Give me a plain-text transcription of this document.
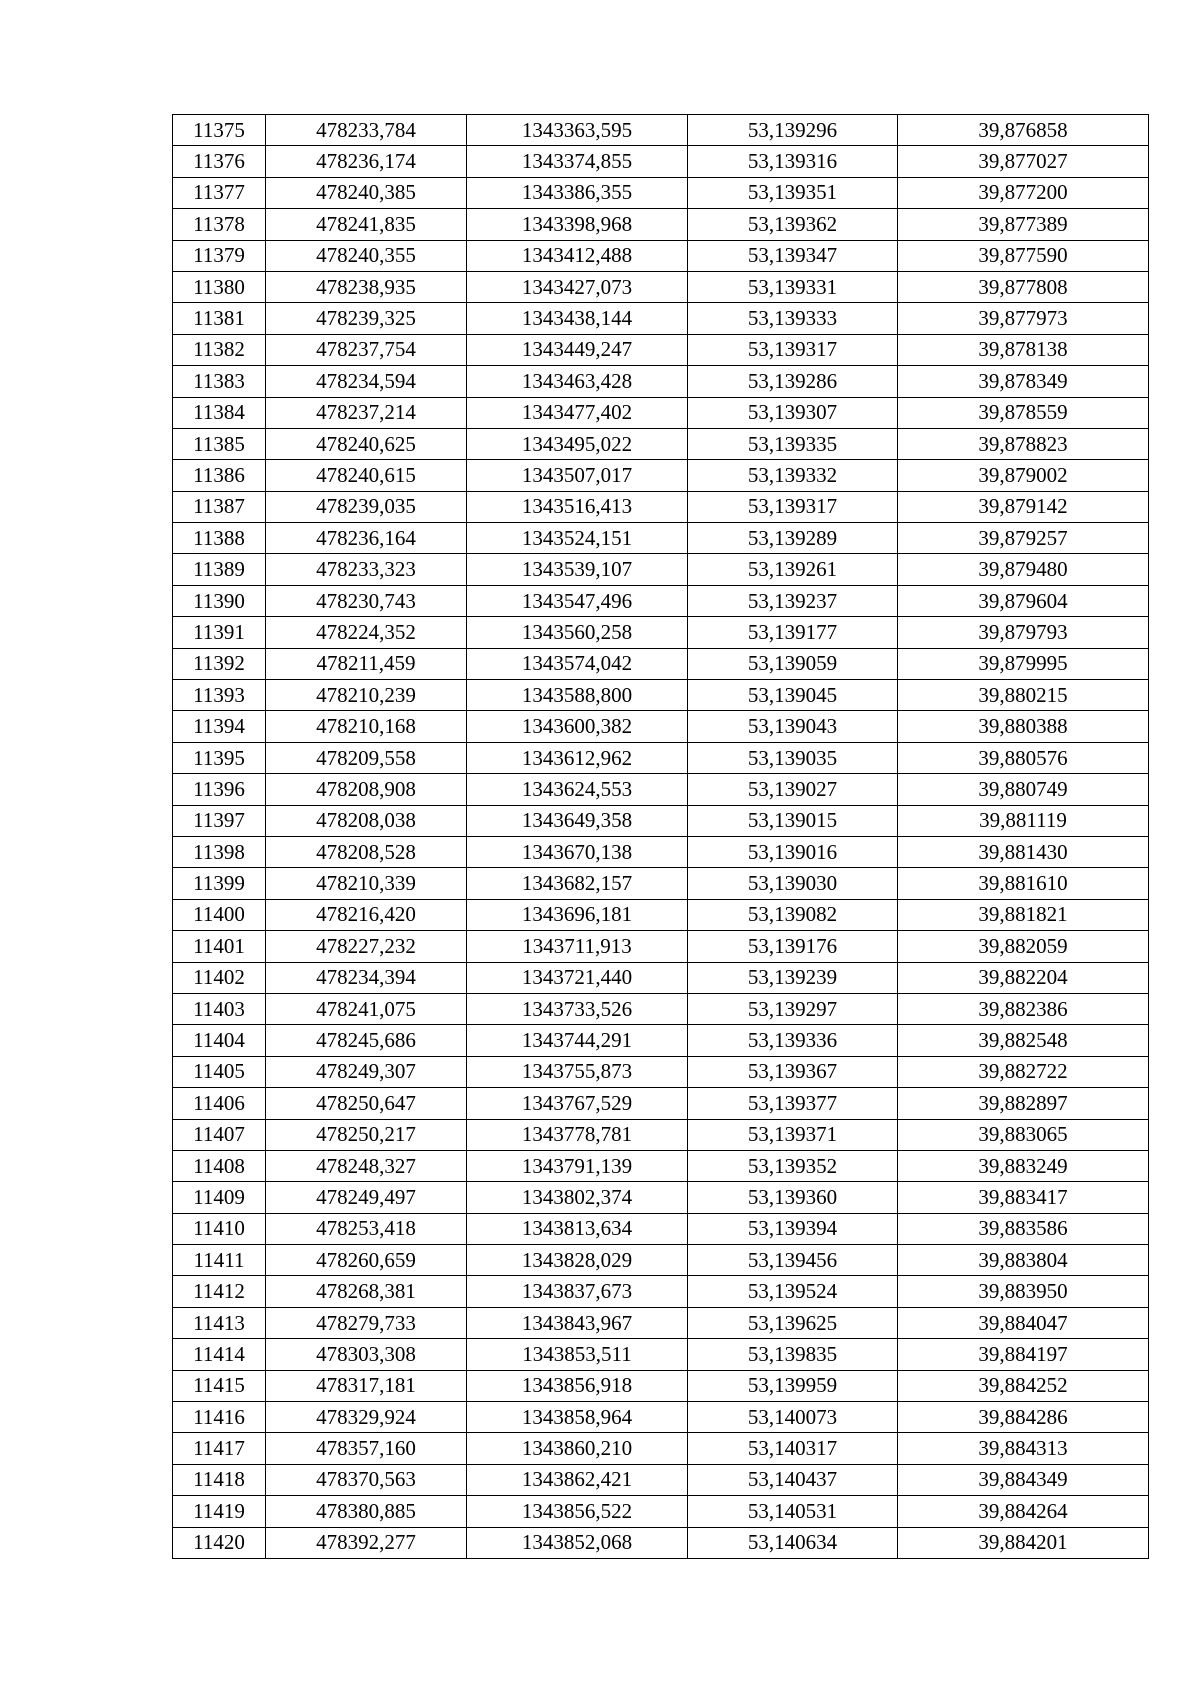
11375	478233,784	1343363,595	53,139296	39,876858
11376	478236,174	1343374,855	53,139316	39,877027
11377	478240,385	1343386,355	53,139351	39,877200
11378	478241,835	1343398,968	53,139362	39,877389
11379	478240,355	1343412,488	53,139347	39,877590
11380	478238,935	1343427,073	53,139331	39,877808
11381	478239,325	1343438,144	53,139333	39,877973
11382	478237,754	1343449,247	53,139317	39,878138
11383	478234,594	1343463,428	53,139286	39,878349
11384	478237,214	1343477,402	53,139307	39,878559
11385	478240,625	1343495,022	53,139335	39,878823
11386	478240,615	1343507,017	53,139332	39,879002
11387	478239,035	1343516,413	53,139317	39,879142
11388	478236,164	1343524,151	53,139289	39,879257
11389	478233,323	1343539,107	53,139261	39,879480
11390	478230,743	1343547,496	53,139237	39,879604
11391	478224,352	1343560,258	53,139177	39,879793
11392	478211,459	1343574,042	53,139059	39,879995
11393	478210,239	1343588,800	53,139045	39,880215
11394	478210,168	1343600,382	53,139043	39,880388
11395	478209,558	1343612,962	53,139035	39,880576
11396	478208,908	1343624,553	53,139027	39,880749
11397	478208,038	1343649,358	53,139015	39,881119
11398	478208,528	1343670,138	53,139016	39,881430
11399	478210,339	1343682,157	53,139030	39,881610
11400	478216,420	1343696,181	53,139082	39,881821
11401	478227,232	1343711,913	53,139176	39,882059
11402	478234,394	1343721,440	53,139239	39,882204
11403	478241,075	1343733,526	53,139297	39,882386
11404	478245,686	1343744,291	53,139336	39,882548
11405	478249,307	1343755,873	53,139367	39,882722
11406	478250,647	1343767,529	53,139377	39,882897
11407	478250,217	1343778,781	53,139371	39,883065
11408	478248,327	1343791,139	53,139352	39,883249
11409	478249,497	1343802,374	53,139360	39,883417
11410	478253,418	1343813,634	53,139394	39,883586
11411	478260,659	1343828,029	53,139456	39,883804
11412	478268,381	1343837,673	53,139524	39,883950
11413	478279,733	1343843,967	53,139625	39,884047
11414	478303,308	1343853,511	53,139835	39,884197
11415	478317,181	1343856,918	53,139959	39,884252
11416	478329,924	1343858,964	53,140073	39,884286
11417	478357,160	1343860,210	53,140317	39,884313
11418	478370,563	1343862,421	53,140437	39,884349
11419	478380,885	1343856,522	53,140531	39,884264
11420	478392,277	1343852,068	53,140634	39,884201
